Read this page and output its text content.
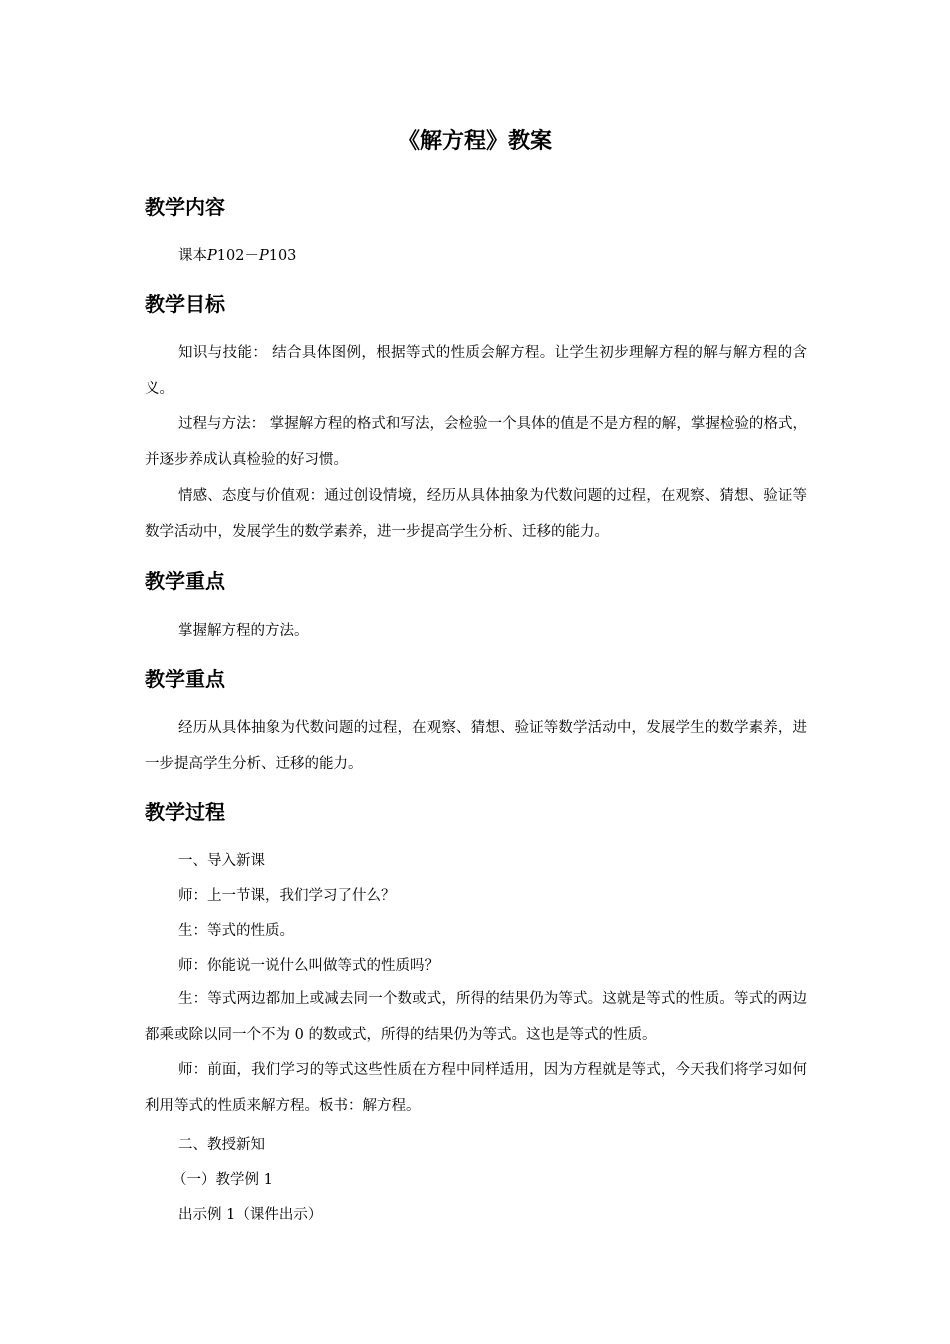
《解方程》教案
教学内容

课本P102－P103

教学目标

知识与技能： 结合具体图例，根据等式的性质会解方程。让学生初步理解方程的解与解方程的含义。

过程与方法： 掌握解方程的格式和写法，会检验一个具体的值是不是方程的解，掌握检验的格式，并逐步养成认真检验的好习惯。

情感、态度与价值观：通过创设情境，经历从具体抽象为代数问题的过程，在观察、猜想、验证等数学活动中，发展学生的数学素养，进一步提高学生分析、迁移的能力。

教学重点

掌握解方程的方法。

教学重点

经历从具体抽象为代数问题的过程，在观察、猜想、验证等数学活动中，发展学生的数学素养，进一步提高学生分析、迁移的能力。

教学过程

一、导入新课

师：上一节课，我们学习了什么？

生：等式的性质。

师：你能说一说什么叫做等式的性质吗？

生：等式两边都加上或减去同一个数或式，所得的结果仍为等式。这就是等式的性质。等式的两边都乘或除以同一个不为 0 的数或式，所得的结果仍为等式。这也是等式的性质。

师：前面，我们学习的等式这些性质在方程中同样适用，因为方程就是等式，今天我们将学习如何利用等式的性质来解方程。板书：解方程。

二、教授新知

（一）教学例 1

出示例 1（课件出示）
